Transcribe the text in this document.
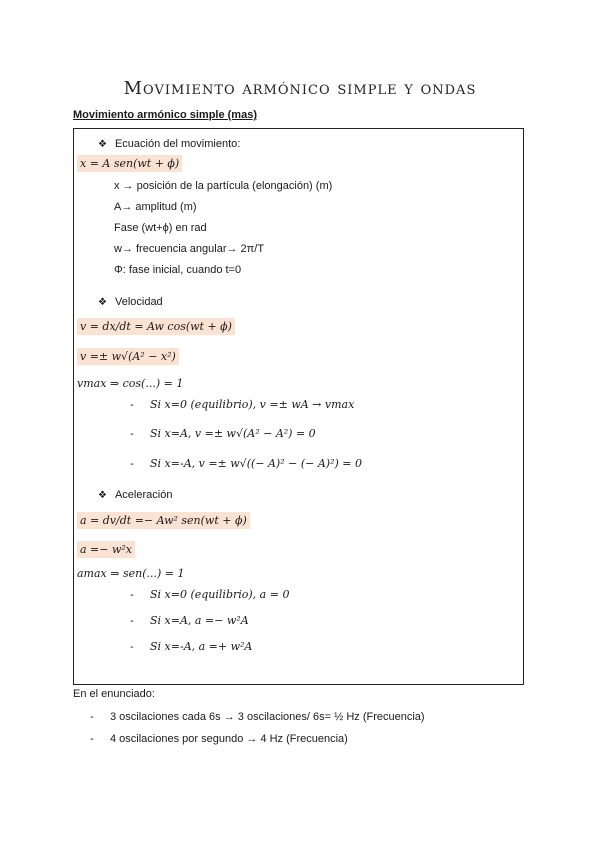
Movimiento armónico simple y ondas
Movimiento armónico simple (mas)
❖ Ecuación del movimiento:
x = A sen(wt + ϕ)
x → posición de la partícula (elongación) (m)
A→ amplitud (m)
Fase (wt+ϕ) en rad
w→ frecuencia angular→ 2π/T
Φ: fase inicial, cuando t=0
❖ Velocidad
v = dx/dt = Aw cos(wt + ϕ)
v =± w√(A² − x²)
vmax ⇒ cos(...) = 1
- Si x=0 (equilibrio), v =± wA → vmax
- Si x=A, v =± w√(A² − A²) = 0
- Si x=-A, v =± w√((− A)² − (− A)²) = 0
❖ Aceleración
a = dv/dt =− Aw² sen(wt + ϕ)
a =− w²x
amax ⇒ sen(...) = 1
- Si x=0 (equilibrio), a = 0
- Si x=A, a =− w²A
- Si x=-A, a =+ w²A
En el enunciado:
- 3 oscilaciones cada 6s → 3 oscilaciones/ 6s= ½ Hz (Frecuencia)
- 4 oscilaciones por segundo → 4 Hz (Frecuencia)
